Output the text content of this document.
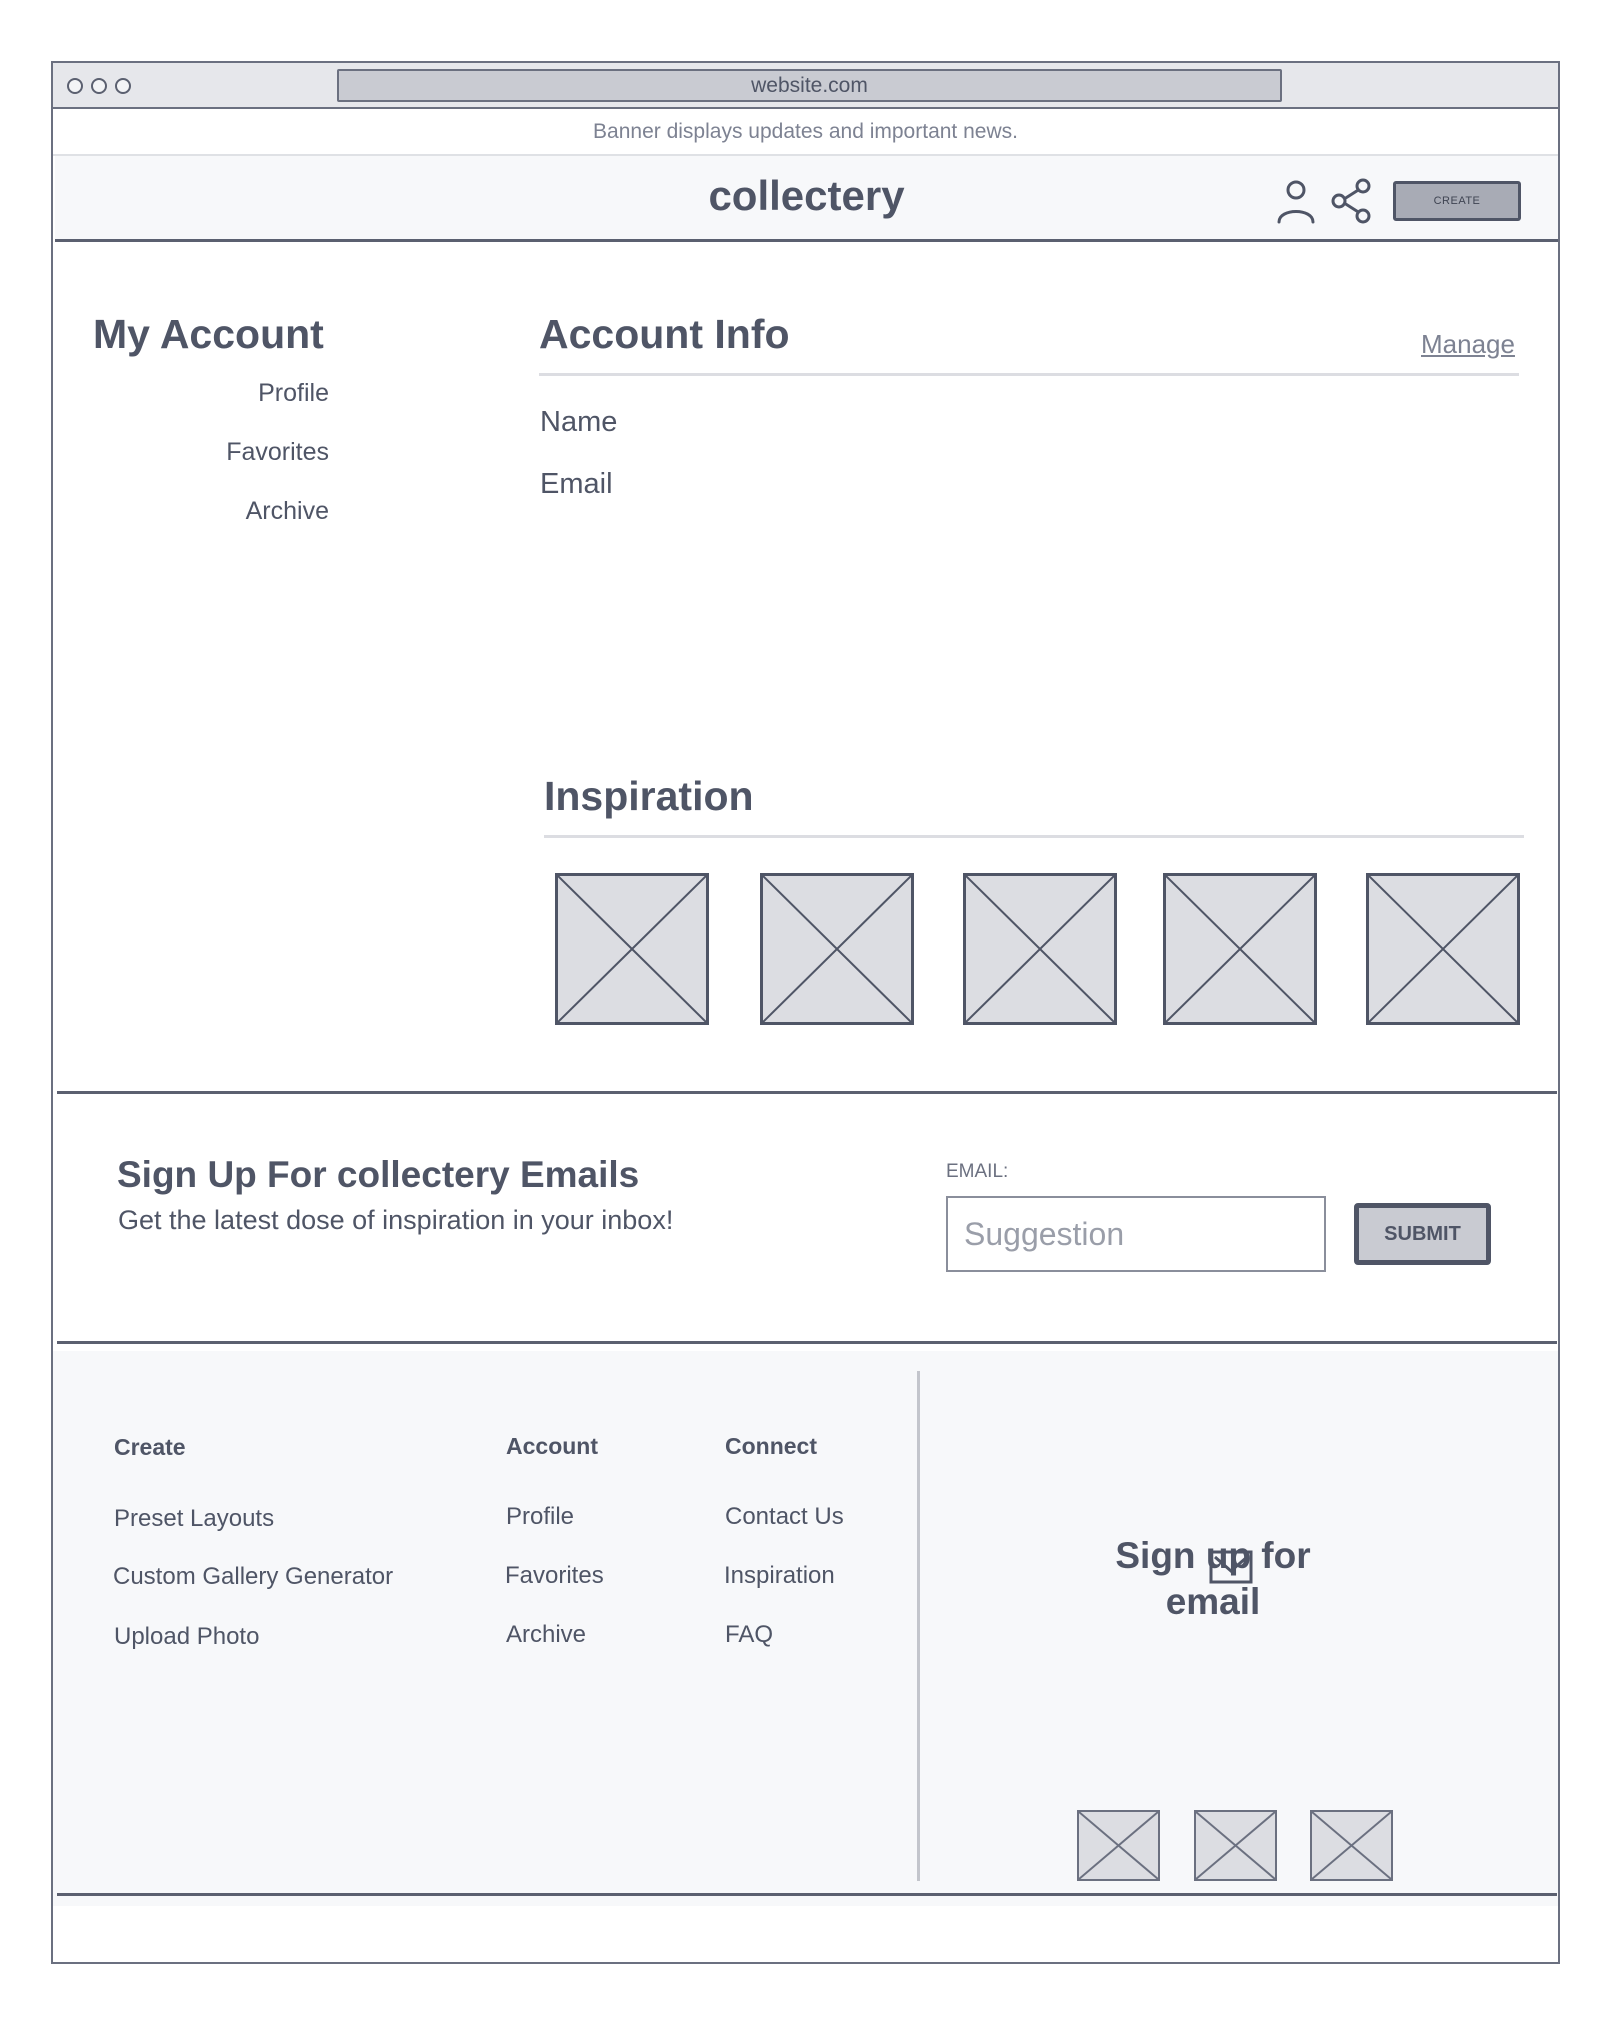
website.com
Banner displays updates and important news.
collectery	CREATE
My Account
Profile
Favorites
Archive
Account Info	Manage
Name
Email
Inspiration
Sign Up For collectery Emails
Get the latest dose of inspiration in your inbox!
EMAIL:
Suggestion
SUBMIT
Create
Preset Layouts
Custom Gallery Generator
Upload Photo
Account
Profile
Favorites
Archive
Connect
Contact Us
Inspiration
FAQ
Sign up for email
